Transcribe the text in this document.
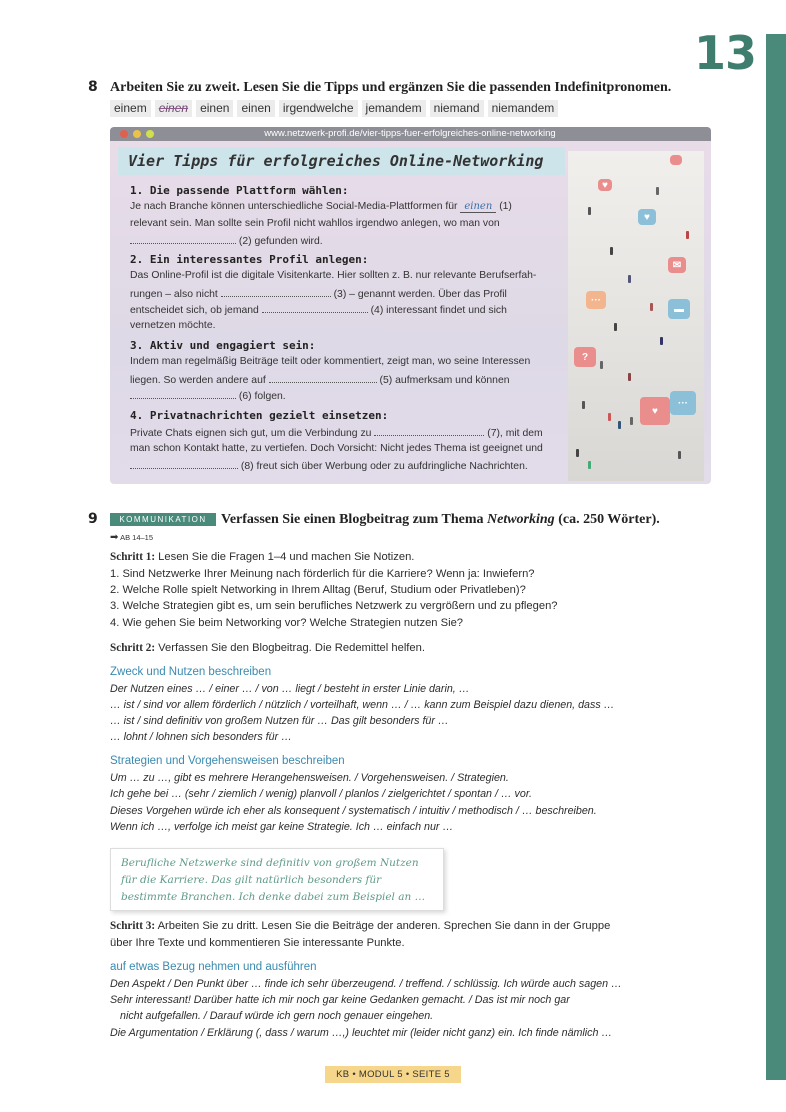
13
8 Arbeiten Sie zu zweit. Lesen Sie die Tipps und ergänzen Sie die passenden Indefinitpronomen.
einem	einen	einen	einen	irgendwelche	jemandem	niemand	niemandem
www.netzwerk-profi.de/vier-tipps-fuer-erfolgreiches-online-networking
Vier Tipps für erfolgreiches Online-Networking
1. Die passende Plattform wählen:
Je nach Branche können unterschiedliche Social-Media-Plattformen für einen (1)
relevant sein. Man sollte sein Profil nicht wahllos irgendwo anlegen, wo man von
(2) gefunden wird.
2. Ein interessantes Profil anlegen:
Das Online-Profil ist die digitale Visitenkarte. Hier sollten z. B. nur relevante Berufserfah-
rungen – also nicht	(3) – genannt werden. Über das Profil
entscheidet sich, ob jemand	(4) interessant findet und sich
vernetzen möchte.
3. Aktiv und engagiert sein:
Indem man regelmäßig Beiträge teilt oder kommentiert, zeigt man, wo seine Interessen
liegen. So werden andere auf	(5) aufmerksam und können
(6) folgen.
4. Privatnachrichten gezielt einsetzen:
Private Chats eignen sich gut, um die Verbindung zu	(7), mit dem
man schon Kontakt hatte, zu vertiefen. Doch Vorsicht: Nicht jedes Thema ist geeignet und
(8) freut sich über Werbung oder zu aufdringliche Nachrichten.
♥
♥
✉
···
▬
?
♥
···
9	KOMMUNIKATION	Verfassen Sie einen Blogbeitrag zum Thema Networking (ca. 250 Wörter).
➡ AB 14–15
Schritt 1: Lesen Sie die Fragen 1–4 und machen Sie Notizen.
1. Sind Netzwerke Ihrer Meinung nach förderlich für die Karriere? Wenn ja: Inwiefern?
2. Welche Rolle spielt Networking in Ihrem Alltag (Beruf, Studium oder Privatleben)?
3. Welche Strategien gibt es, um sein berufliches Netzwerk zu vergrößern und zu pflegen?
4. Wie gehen Sie beim Networking vor? Welche Strategien nutzen Sie?
Schritt 2: Verfassen Sie den Blogbeitrag. Die Redemittel helfen.
Zweck und Nutzen beschreiben
Der Nutzen eines … / einer … / von … liegt / besteht in erster Linie darin, …
… ist / sind vor allem förderlich / nützlich / vorteilhaft, wenn … / … kann zum Beispiel dazu dienen, dass …
… ist / sind definitiv von großem Nutzen für … Das gilt besonders für …
… lohnt / lohnen sich besonders für …
Strategien und Vorgehensweisen beschreiben
Um … zu …, gibt es mehrere Herangehensweisen. / Vorgehensweisen. / Strategien.
Ich gehe bei … (sehr / ziemlich / wenig) planvoll / planlos / zielgerichtet / spontan / … vor.
Dieses Vorgehen würde ich eher als konsequent / systematisch / intuitiv / methodisch / … beschreiben.
Wenn ich …, verfolge ich meist gar keine Strategie. Ich … einfach nur …
Berufliche Netzwerke sind definitiv von großem Nutzen
für die Karriere. Das gilt natürlich besonders für
bestimmte Branchen. Ich denke dabei zum Beispiel an …
Schritt 3: Arbeiten Sie zu dritt. Lesen Sie die Beiträge der anderen. Sprechen Sie dann in der Gruppe
über Ihre Texte und kommentieren Sie interessante Punkte.
auf etwas Bezug nehmen und ausführen
Den Aspekt / Den Punkt über … finde ich sehr überzeugend. / treffend. / schlüssig. Ich würde auch sagen …
Sehr interessant! Darüber hatte ich mir noch gar keine Gedanken gemacht. / Das ist mir noch gar
nicht aufgefallen. / Darauf würde ich gern noch genauer eingehen.
Die Argumentation / Erklärung (, dass / warum …,) leuchtet mir (leider nicht ganz) ein. Ich finde nämlich …
KB • MODUL 5 • SEITE 5
